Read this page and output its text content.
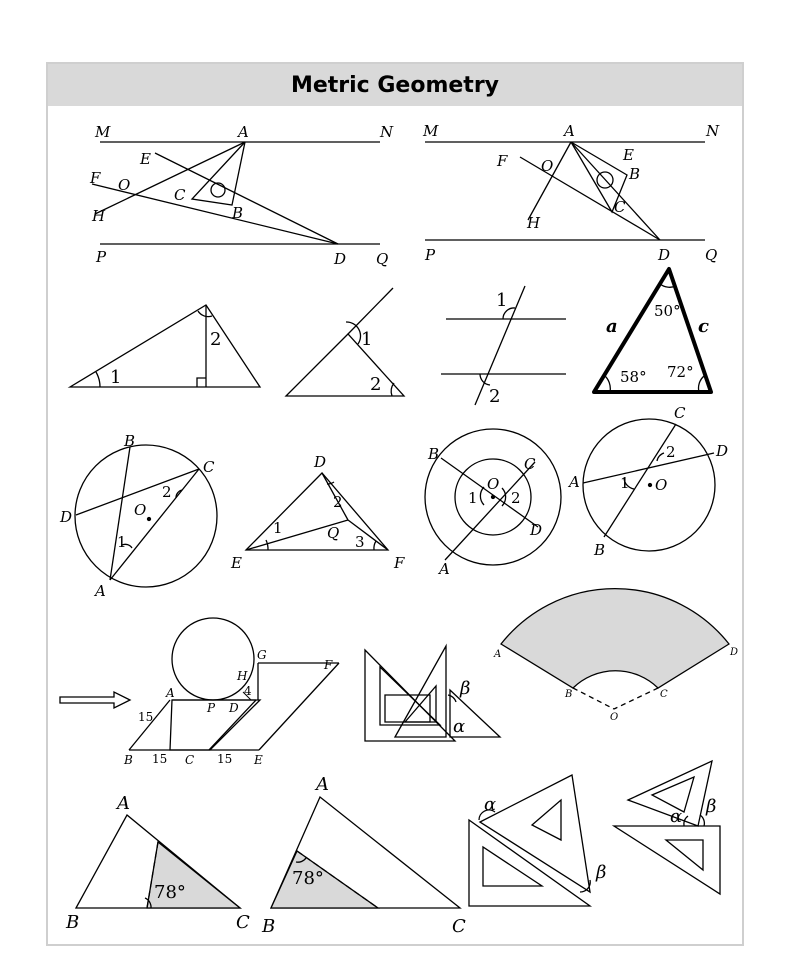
Metric Geometry
M	A	N
E
F O
H
C
B
P	D Q
M	A	N
F O
E
B
C
H
P	D Q
1
2	1
2
1
2
50°
58° 72°
a	c
B
C
D	O
2
1
A
D
2
1	Q 3
E	F
B
C
O
1 2
D
A
C
2	D
A	1 O
B
G
F
H
4
A
P D
15
B 15 C 15 E
β
α
A	D
B	C
O
A
B	C
78°
A
B	C
78°
α
β
α β
